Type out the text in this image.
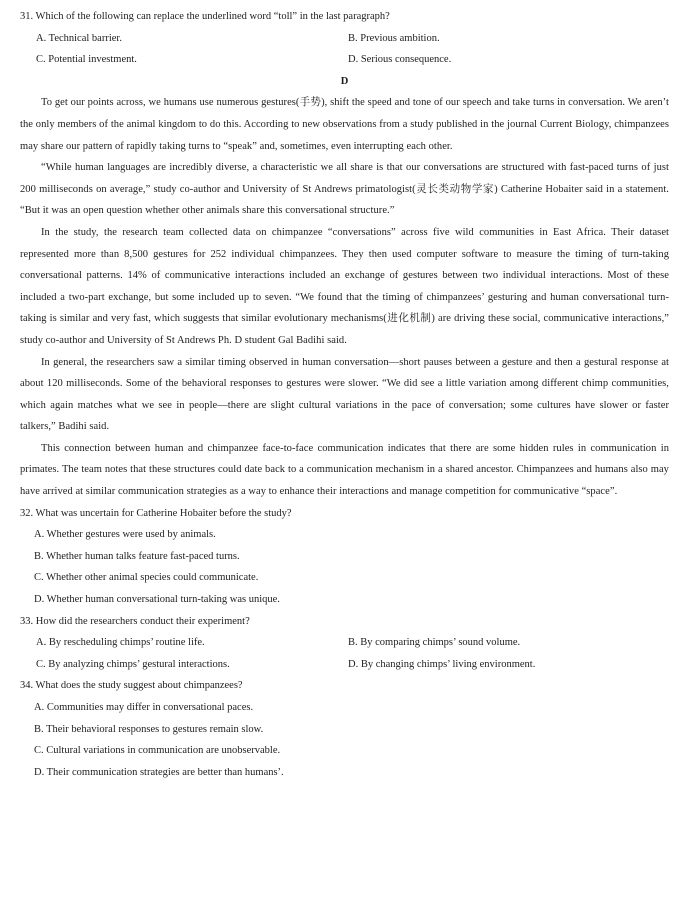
31. Which of the following can replace the underlined word “toll” in the last paragraph?

A. Technical barrier.	B. Previous ambition.
C. Potential investment.	D. Serious consequence.

D

To get our points across, we humans use numerous gestures(手势), shift the speed and tone of our speech and take turns in conversation. We aren’t the only members of the animal kingdom to do this. According to new observations from a study published in the journal Current Biology, chimpanzees may share our pattern of rapidly taking turns to “speak” and, sometimes, even interrupting each other.

“While human languages are incredibly diverse, a characteristic we all share is that our conversations are structured with fast-paced turns of just 200 milliseconds on average,” study co-author and University of St Andrews primatologist(灵长类动物学家) Catherine Hobaiter said in a statement. “But it was an open question whether other animals share this conversational structure.”

In the study, the research team collected data on chimpanzee “conversations” across five wild communities in East Africa. Their dataset represented more than 8,500 gestures for 252 individual chimpanzees. They then used computer software to measure the timing of turn-taking conversational patterns. 14% of communicative interactions included an exchange of gestures between two individual interactions. Most of these included a two-part exchange, but some included up to seven. “We found that the timing of chimpanzees’ gesturing and human conversational turn-taking is similar and very fast, which suggests that similar evolutionary mechanisms(进化机制) are driving these social, communicative interactions,” study co-author and University of St Andrews Ph. D student Gal Badihi said.

In general, the researchers saw a similar timing observed in human conversation—short pauses between a gesture and then a gestural response at about 120 milliseconds. Some of the behavioral responses to gestures were slower. “We did see a little variation among different chimp communities, which again matches what we see in people—there are slight cultural variations in the pace of conversation; some cultures have slower or faster talkers,” Badihi said.

This connection between human and chimpanzee face-to-face communication indicates that there are some hidden rules in communication in primates. The team notes that these structures could date back to a communication mechanism in a shared ancestor. Chimpanzees and humans also may have arrived at similar communication strategies as a way to enhance their interactions and manage competition for communicative “space”.

32. What was uncertain for Catherine Hobaiter before the study?

A. Whether gestures were used by animals.
B. Whether human talks feature fast-paced turns.
C. Whether other animal species could communicate.
D. Whether human conversational turn-taking was unique.

33. How did the researchers conduct their experiment?

A. By rescheduling chimps’ routine life.	B. By comparing chimps’ sound volume.
C. By analyzing chimps’ gestural interactions.	D. By changing chimps’ living environment.

34. What does the study suggest about chimpanzees?

A. Communities may differ in conversational paces.
B. Their behavioral responses to gestures remain slow.
C. Cultural variations in communication are unobservable.
D. Their communication strategies are better than humans’.
